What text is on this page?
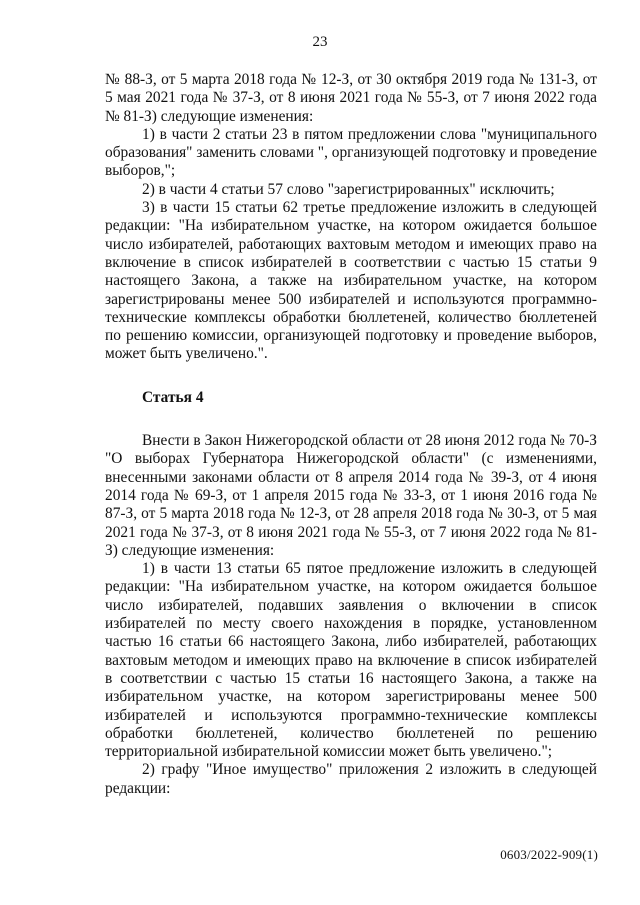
23

№ 88-З, от 5 марта 2018 года № 12-З, от 30 октября 2019 года № 131-З, от 5 мая 2021 года № 37-З, от 8 июня 2021 года № 55-З, от 7 июня 2022 года № 81-З) следующие изменения:

1) в части 2 статьи 23 в пятом предложении слова "муниципального образования" заменить словами ", организующей подготовку и проведение выборов,";

2) в части 4 статьи 57 слово "зарегистрированных" исключить;

3) в части 15 статьи 62 третье предложение изложить в следующей редакции: "На избирательном участке, на котором ожидается большое число избирателей, работающих вахтовым методом и имеющих право на включение в список избирателей в соответствии с частью 15 статьи 9 настоящего Закона, а также на избирательном участке, на котором зарегистрированы менее 500 избирателей и используются программно-технические комплексы обработки бюллетеней, количество бюллетеней по решению комиссии, организующей подготовку и проведение выборов, может быть увеличено.".

Статья 4

Внести в Закон Нижегородской области от 28 июня 2012 года № 70-З "О выборах Губернатора Нижегородской области" (с изменениями, внесенными законами области от 8 апреля 2014 года № 39-З, от 4 июня 2014 года № 69-З, от 1 апреля 2015 года № 33-З, от 1 июня 2016 года № 87-З, от 5 марта 2018 года № 12-З, от 28 апреля 2018 года № 30-З, от 5 мая 2021 года № 37-З, от 8 июня 2021 года № 55-З, от 7 июня 2022 года № 81-З) следующие изменения:

1) в части 13 статьи 65 пятое предложение изложить в следующей редакции: "На избирательном участке, на котором ожидается большое число избирателей, подавших заявления о включении в список избирателей по месту своего нахождения в порядке, установленном частью 16 статьи 66 настоящего Закона, либо избирателей, работающих вахтовым методом и имеющих право на включение в список избирателей в соответствии с частью 15 статьи 16 настоящего Закона, а также на избирательном участке, на котором зарегистрированы менее 500 избирателей и используются программно-технические комплексы обработки бюллетеней, количество бюллетеней по решению территориальной избирательной комиссии может быть увеличено.";

2) графу "Иное имущество" приложения 2 изложить в следующей редакции:

0603/2022-909(1)
